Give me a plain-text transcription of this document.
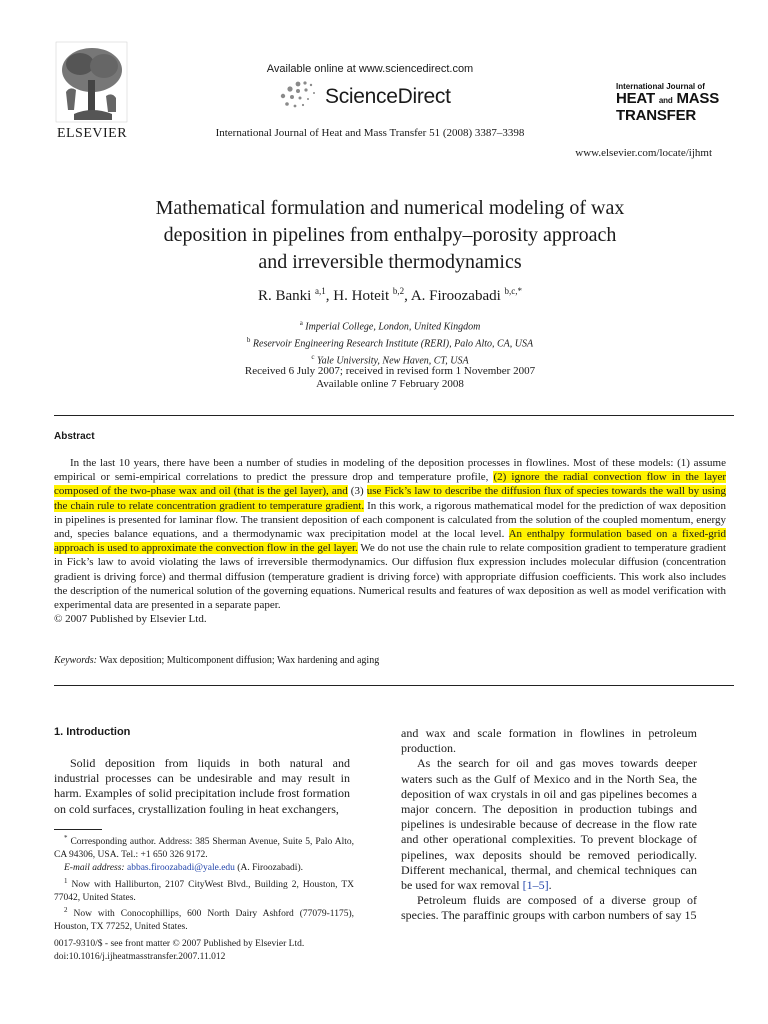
ELSEVIER
Available online at www.sciencedirect.com
ScienceDirect
International Journal of Heat and Mass Transfer 51 (2008) 3387–3398
International Journal of
HEAT and MASS
TRANSFER
www.elsevier.com/locate/ijhmt
Mathematical formulation and numerical modeling of wax
deposition in pipelines from enthalpy–porosity approach
and irreversible thermodynamics
R. Banki $^{a,1}$, H. Hoteit $^{b,2}$, A. Firoozabadi $^{b,c,*}$
$^a$ Imperial College, London, United Kingdom
$^b$ Reservoir Engineering Research Institute (RERI), Palo Alto, CA, USA
$^c$ Yale University, New Haven, CT, USA
Received 6 July 2007; received in revised form 1 November 2007
Available online 7 February 2008
Abstract

In the last 10 years, there have been a number of studies in modeling of the deposition processes in flowlines. Most of these models: (1) assume empirical or semi-empirical correlations to predict the pressure drop and temperature profile, (2) ignore the radial convection flow in the layer composed of the two-phase wax and oil (that is the gel layer), and (3) use Fick’s law to describe the diffusion flux of species towards the wall by using the chain rule to relate concentration gradient to temperature gradient. In this work, a rigorous mathematical model for the prediction of wax deposition in pipelines is presented for laminar flow. The transient deposition of each component is calculated from the solution of the coupled momentum, energy and, species balance equations, and a thermodynamic wax precipitation model at the local level. An enthalpy formulation based on a fixed-grid approach is used to approximate the convection flow in the gel layer. We do not use the chain rule to relate composition gradient to temperature gradient in Fick’s law to avoid violating the laws of irreversible thermodynamics. Our diffusion flux expression includes molecular diffusion (concentration gradient is driving force) and thermal diffusion (temperature gradient is driving force) with appropriate diffusion coefficients. This work also includes the description of the numerical solution of the governing equations. Numerical results and features of wax deposition as well as model verification with experimental data are presented in a separate paper.

© 2007 Published by Elsevier Ltd.

Keywords: Wax deposition; Multicomponent diffusion; Wax hardening and aging
1. Introduction

Solid deposition from liquids in both natural and industrial processes can be undesirable and may result in harm. Examples of solid precipitation include frost formation on cold surfaces, crystallization fouling in heat exchangers,

* Corresponding author. Address: 385 Sherman Avenue, Suite 5, Palo Alto, CA 94306, USA. Tel.: +1 650 326 9172.

E-mail address: abbas.firoozabadi@yale.edu (A. Firoozabadi).

$^1$ Now with Halliburton, 2107 CityWest Blvd., Building 2, Houston, TX 77042, United States.

$^2$ Now with Conocophillips, 600 North Dairy Ashford (77079-1175), Houston, TX 77252, United States.

and wax and scale formation in flowlines in petroleum production.

As the search for oil and gas moves towards deeper waters such as the Gulf of Mexico and in the North Sea, the deposition of wax crystals in oil and gas pipelines becomes a major concern. The deposition in production tubings and pipelines is undesirable because of decrease in the flow rate and other operational complexities. To prevent blockage of pipelines, wax deposits should be removed periodically. Different mechanical, thermal, and chemical techniques can be used for wax removal [1–5].

Petroleum fluids are composed of a diverse group of species. The paraffinic groups with carbon numbers of say 15

0017-9310/$ - see front matter © 2007 Published by Elsevier Ltd.
doi:10.1016/j.ijheatmasstransfer.2007.11.012
